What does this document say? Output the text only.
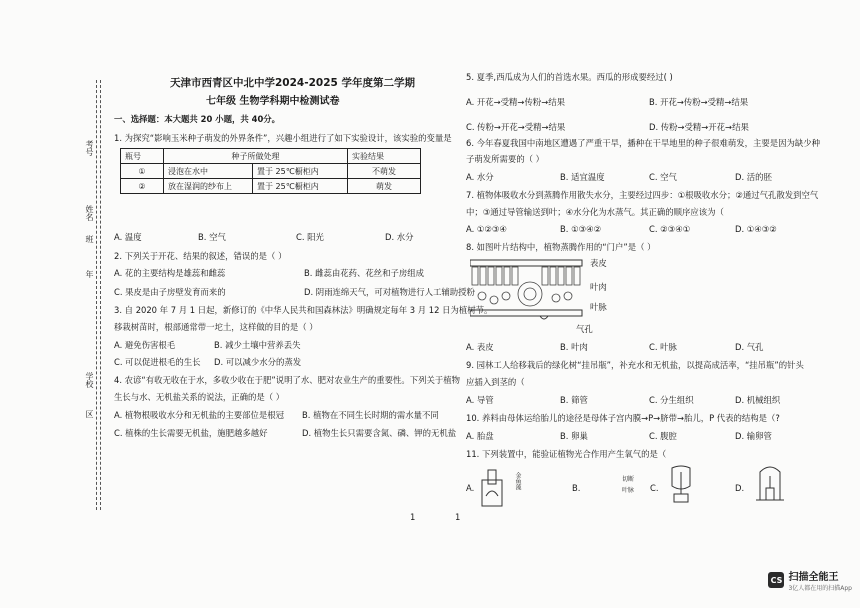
考号
姓名
班
年
学校
区
天津市西青区中北中学2024-2025 学年度第二学期
七年级 生物学科期中检测试卷
一、选择题：本大题共 20 小题，共 40分。
1. 为探究“影响玉米种子萌发的外界条件”，兴趣小组进行了如下实验设计，该实验的变量是
瓶号	种子所做处理		实验结果
①	浸泡在水中	置于 25℃橱柜内	不萌发
②	放在湿润的纱布上	置于 25℃橱柜内	萌发
A. 温度	B. 空气	C. 阳光	D. 水分
2. 下列关于开花、结果的叙述，错误的是（ ）
A. 花的主要结构是雄蕊和雌蕊	B. 雌蕊由花药、花丝和子房组成
C. 果皮是由子房壁发育而来的	D. 阴雨连绵天气，可对植物进行人工辅助授粉
3. 自 2020 年 7 月 1 日起，新修订的《中华人民共和国森林法》明确规定每年 3 月 12 日为植树节。
移栽树苗时，根部通常带一坨土，这样做的目的是（ ）
A. 避免伤害根毛	B. 减少土壤中营养丢失
C. 可以促进根毛的生长 D. 可以减少水分的蒸发
4. 农谚“有收无收在于水，多收少收在于肥”说明了水、肥对农业生产的重要性。下列关于植物
生长与水、无机盐关系的说法，正确的是（ ）
A. 植物根吸收水分和无机盐的主要部位是根冠 B. 植物在不同生长时期的需水量不同
C. 植株的生长需要无机盐，施肥越多越好	D. 植物生长只需要含氮、磷、钾的无机盐
1
5. 夏季,西瓜成为人们的首选水果。西瓜的形成要经过( )
A. 开花→受精→传粉→结果	B. 开花→传粉→受精→结果
C. 传粉→开花→受精→结果	D. 传粉→受精→开花→结果
6. 今年春夏我国中南地区遭遇了严重干旱，播种在干旱地里的种子很难萌发，主要是因为缺少种
子萌发所需要的（ ）
A. 水分	B. 适宜温度	C. 空气	D. 活的胚
7. 植物体吸收水分到蒸腾作用散失水分，主要经过四步：①根吸收水分；②通过气孔散发到空气
中；③通过导管输送到叶；④水分化为水蒸气。其正确的顺序应该为（
A. ①②③④	B. ①③④②	C. ②③④①	D. ①④③②
8. 如图叶片结构中，植物蒸腾作用的“门户”是（ ）
表皮
叶肉
叶脉
气孔
A. 表皮	B. 叶肉	C. 叶脉	D. 气孔
9. 园林工人给移栽后的绿化树“挂吊瓶”，补充水和无机盐，以提高成活率，“挂吊瓶”的针头
应插入到茎的（
A. 导管	B. 筛管	C. 分生组织	D. 机械组织
10. 养料由母体运给胎儿的途径是母体子宫内膜→P→脐带→胎儿，P 代表的结构是（?
A. 胎盘	B. 卵巢	C. 腹腔	D. 输卵管
11. 下列装置中，能验证植物光合作用产生氧气的是（
A.	金鱼藻	B.
切断
叶脉 C.	D.
1
CS 扫描全能王
3亿人都在用的扫描App
